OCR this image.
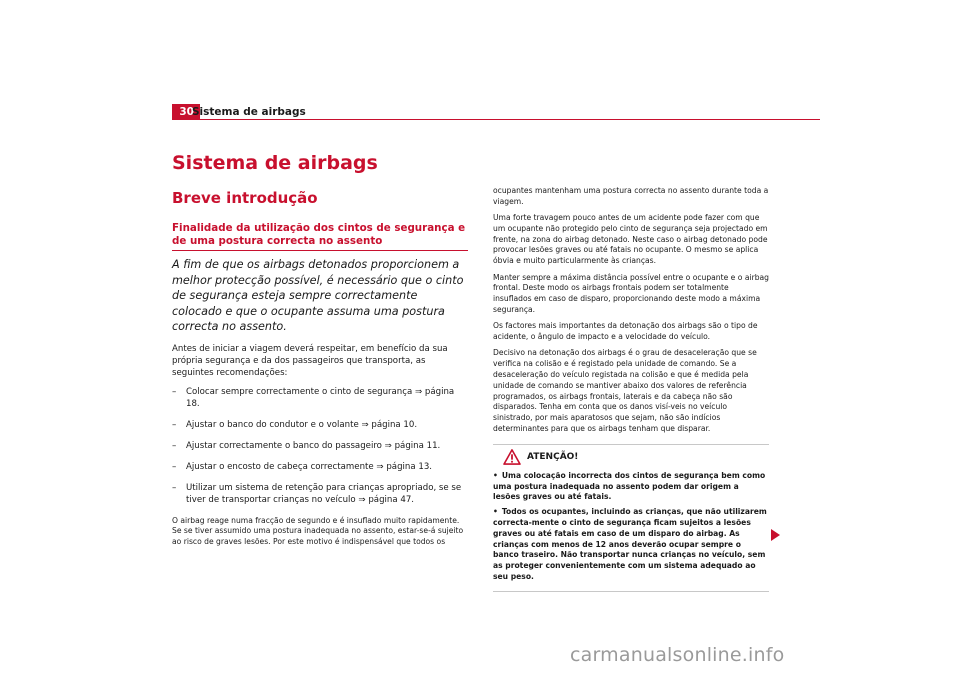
30
Sistema de airbags
Sistema de airbags
Breve introdução
Finalidade da utilização dos cintos de segurança e de uma postura correcta no assento

A fim de que os airbags detonados proporcionem a melhor protecção possível, é necessário que o cinto de segurança esteja sempre correctamente colocado e que o ocupante assuma uma postura correcta no assento.

Antes de iniciar a viagem deverá respeitar, em benefício da sua própria segurança e da dos passageiros que transporta, as seguintes recomendações:

– Colocar sempre correctamente o cinto de segurança ⇒ página 18.
– Ajustar o banco do condutor e o volante ⇒ página 10.
– Ajustar correctamente o banco do passageiro ⇒ página 11.
– Ajustar o encosto de cabeça correctamente ⇒ página 13.
– Utilizar um sistema de retenção para crianças apropriado, se se tiver de transportar crianças no veículo ⇒ página 47.

O airbag reage numa fracção de segundo e é insuflado muito rapidamente. Se se tiver assumido uma postura inadequada no assento, estar-se-á sujeito ao risco de graves lesões. Por este motivo é indispensável que todos os

ocupantes mantenham uma postura correcta no assento durante toda a viagem.

Uma forte travagem pouco antes de um acidente pode fazer com que um ocupante não protegido pelo cinto de segurança seja projectado em frente, na zona do airbag detonado. Neste caso o airbag detonado pode provocar lesões graves ou até fatais no ocupante. O mesmo se aplica óbvia e muito particularmente às crianças.

Manter sempre a máxima distância possível entre o ocupante e o airbag frontal. Deste modo os airbags frontais podem ser totalmente insuflados em caso de disparo, proporcionando deste modo a máxima segurança.

Os factores mais importantes da detonação dos airbags são o tipo de acidente, o ângulo de impacto e a velocidade do veículo.

Decisivo na detonação dos airbags é o grau de desaceleração que se verifica na colisão e é registado pela unidade de comando. Se a desaceleração do veículo registada na colisão e que é medida pela unidade de comando se mantiver abaixo dos valores de referência programados, os airbags frontais, laterais e da cabeça não são disparados. Tenha em conta que os danos visí-veis no veículo sinistrado, por mais aparatosos que sejam, não são indícios determinantes para que os airbags tenham que disparar.

ATENÇÃO!

• Uma colocação incorrecta dos cintos de segurança bem como uma postura inadequada no assento podem dar origem a lesões graves ou até fatais.

• Todos os ocupantes, incluindo as crianças, que não utilizarem correcta-mente o cinto de segurança ficam sujeitos a lesões graves ou até fatais em caso de um disparo do airbag. As crianças com menos de 12 anos deverão ocupar sempre o banco traseiro. Não transportar nunca crianças no veículo, sem as proteger convenientemente com um sistema adequado ao seu peso.

carmanualsonline.info
